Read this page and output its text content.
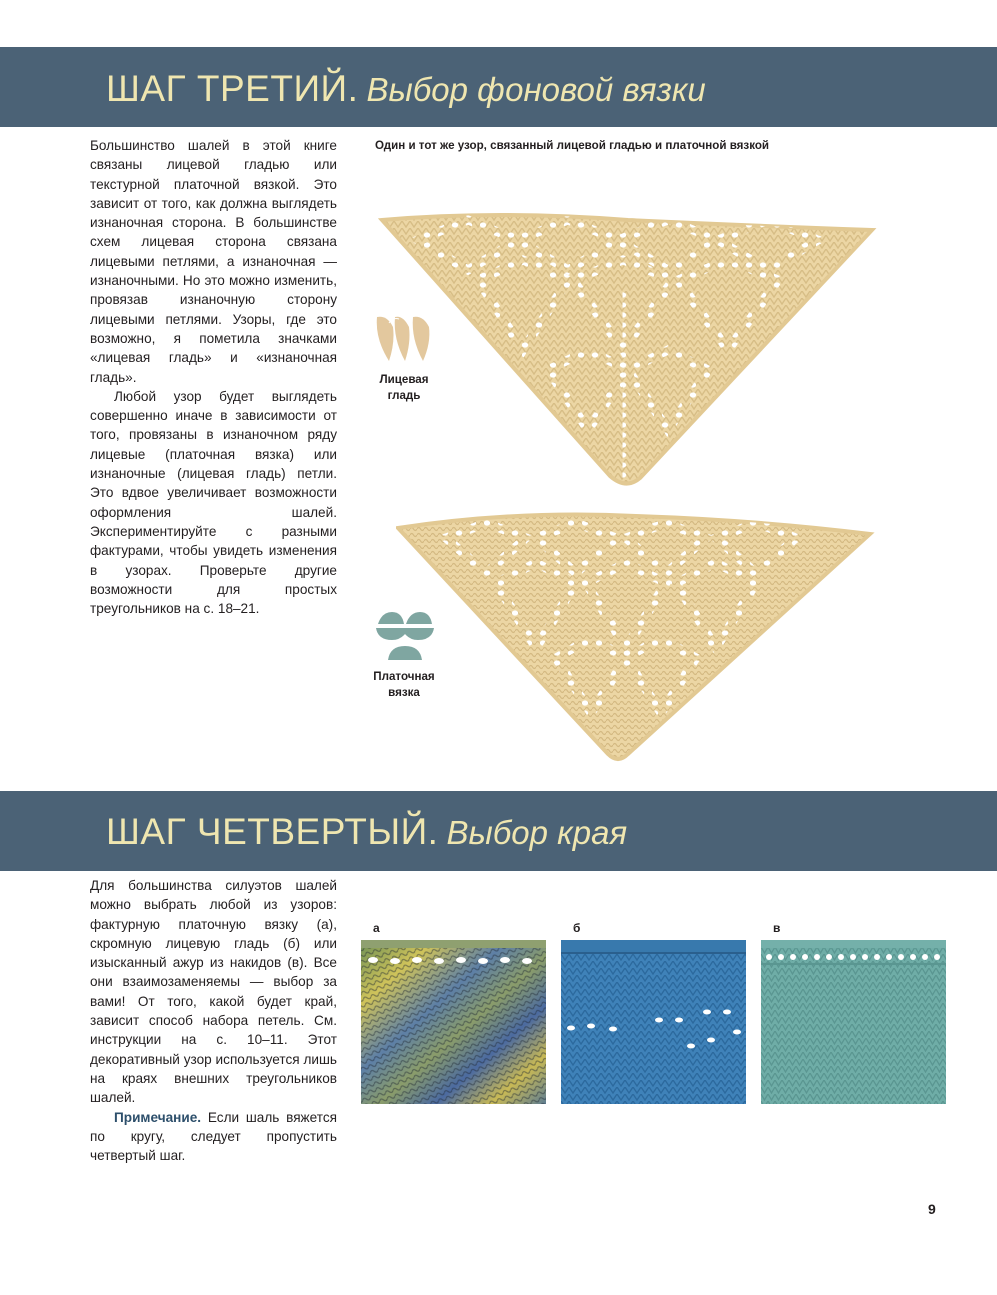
ШАГ ТРЕТИЙ. Выбор фоновой вязки

Большинство шалей в этой книге связаны лицевой гладью или текстурной платочной вязкой. Это зависит от того, как должна выглядеть изнаночная сторона. В большинстве схем лицевая сторона связана лицевыми петлями, а изнаночная — изнаночными. Но это можно изменить, провязав изнаночную сторону лицевыми петлями. Узоры, где это возможно, я пометила значками «лицевая гладь» и «изнаночная гладь».

Любой узор будет выглядеть совершенно иначе в зависимости от того, провязаны в изнаночном ряду лицевые (платочная вязка) или изнаночные (лицевая гладь) петли. Это вдвое увеличивает возможности оформления шалей. Экспериментируйте с разными фактурами, чтобы увидеть изменения в узорах. Проверьте другие возможности для простых треугольников на с. 18–21.

Один и тот же узор, связанный лицевой гладью и платочной вязкой
Лицевая гладь
Платочная вязка
ШАГ ЧЕТВЕРТЫЙ. Выбор края

Для большинства силуэтов шалей можно выбрать любой из узоров: фактурную платочную вязку (а), скромную лицевую гладь (б) или изысканный ажур из накидов (в). Все они взаимозаменяемы — выбор за вами! От того, какой будет край, зависит способ набора петель. См. инструкции на с. 10–11. Этот декоративный узор используется лишь на краях внешних треугольников шалей.

Примечание. Если шаль вяжется по кругу, следует пропустить четвертый шаг.

а	б	в
9
